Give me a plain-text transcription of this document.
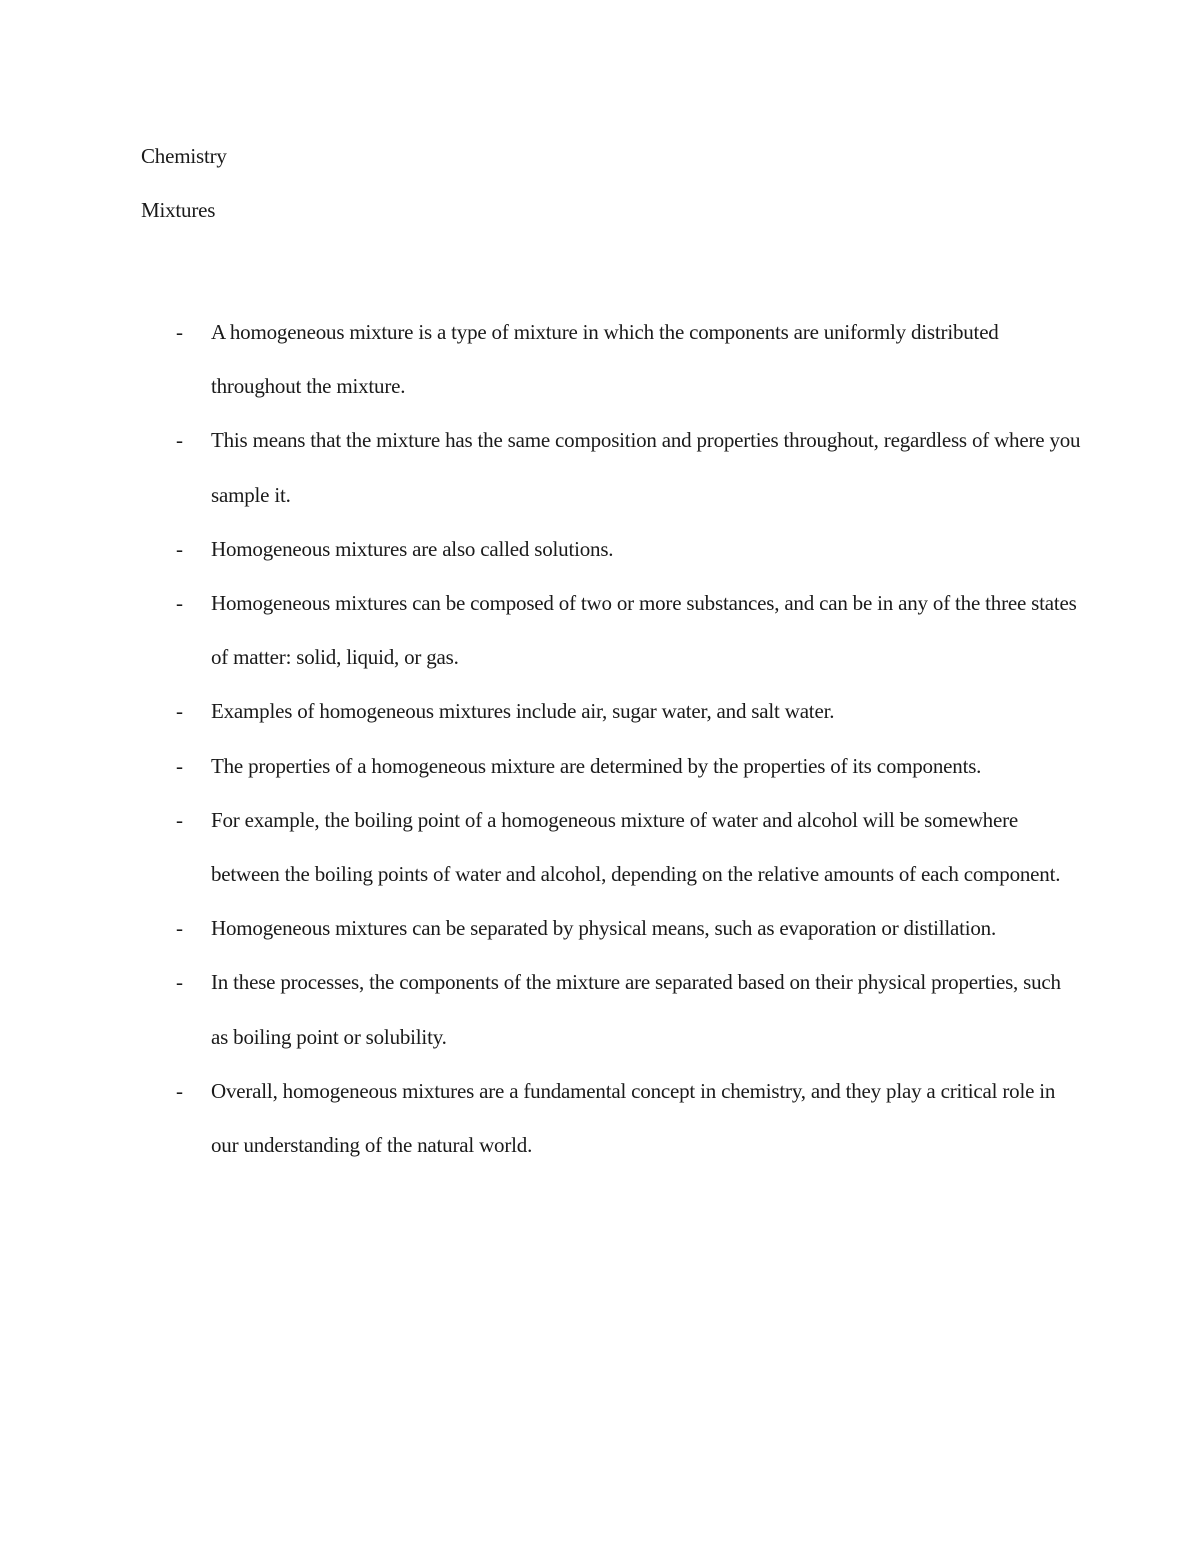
Chemistry

Mixtures

- A homogeneous mixture is a type of mixture in which the components are uniformly distributed throughout the mixture.
- This means that the mixture has the same composition and properties throughout, regardless of where you sample it.
- Homogeneous mixtures are also called solutions.
- Homogeneous mixtures can be composed of two or more substances, and can be in any of the three states of matter: solid, liquid, or gas.
- Examples of homogeneous mixtures include air, sugar water, and salt water.
- The properties of a homogeneous mixture are determined by the properties of its components.
- For example, the boiling point of a homogeneous mixture of water and alcohol will be somewhere between the boiling points of water and alcohol, depending on the relative amounts of each component.
- Homogeneous mixtures can be separated by physical means, such as evaporation or distillation.
- In these processes, the components of the mixture are separated based on their physical properties, such as boiling point or solubility.
- Overall, homogeneous mixtures are a fundamental concept in chemistry, and they play a critical role in our understanding of the natural world.
